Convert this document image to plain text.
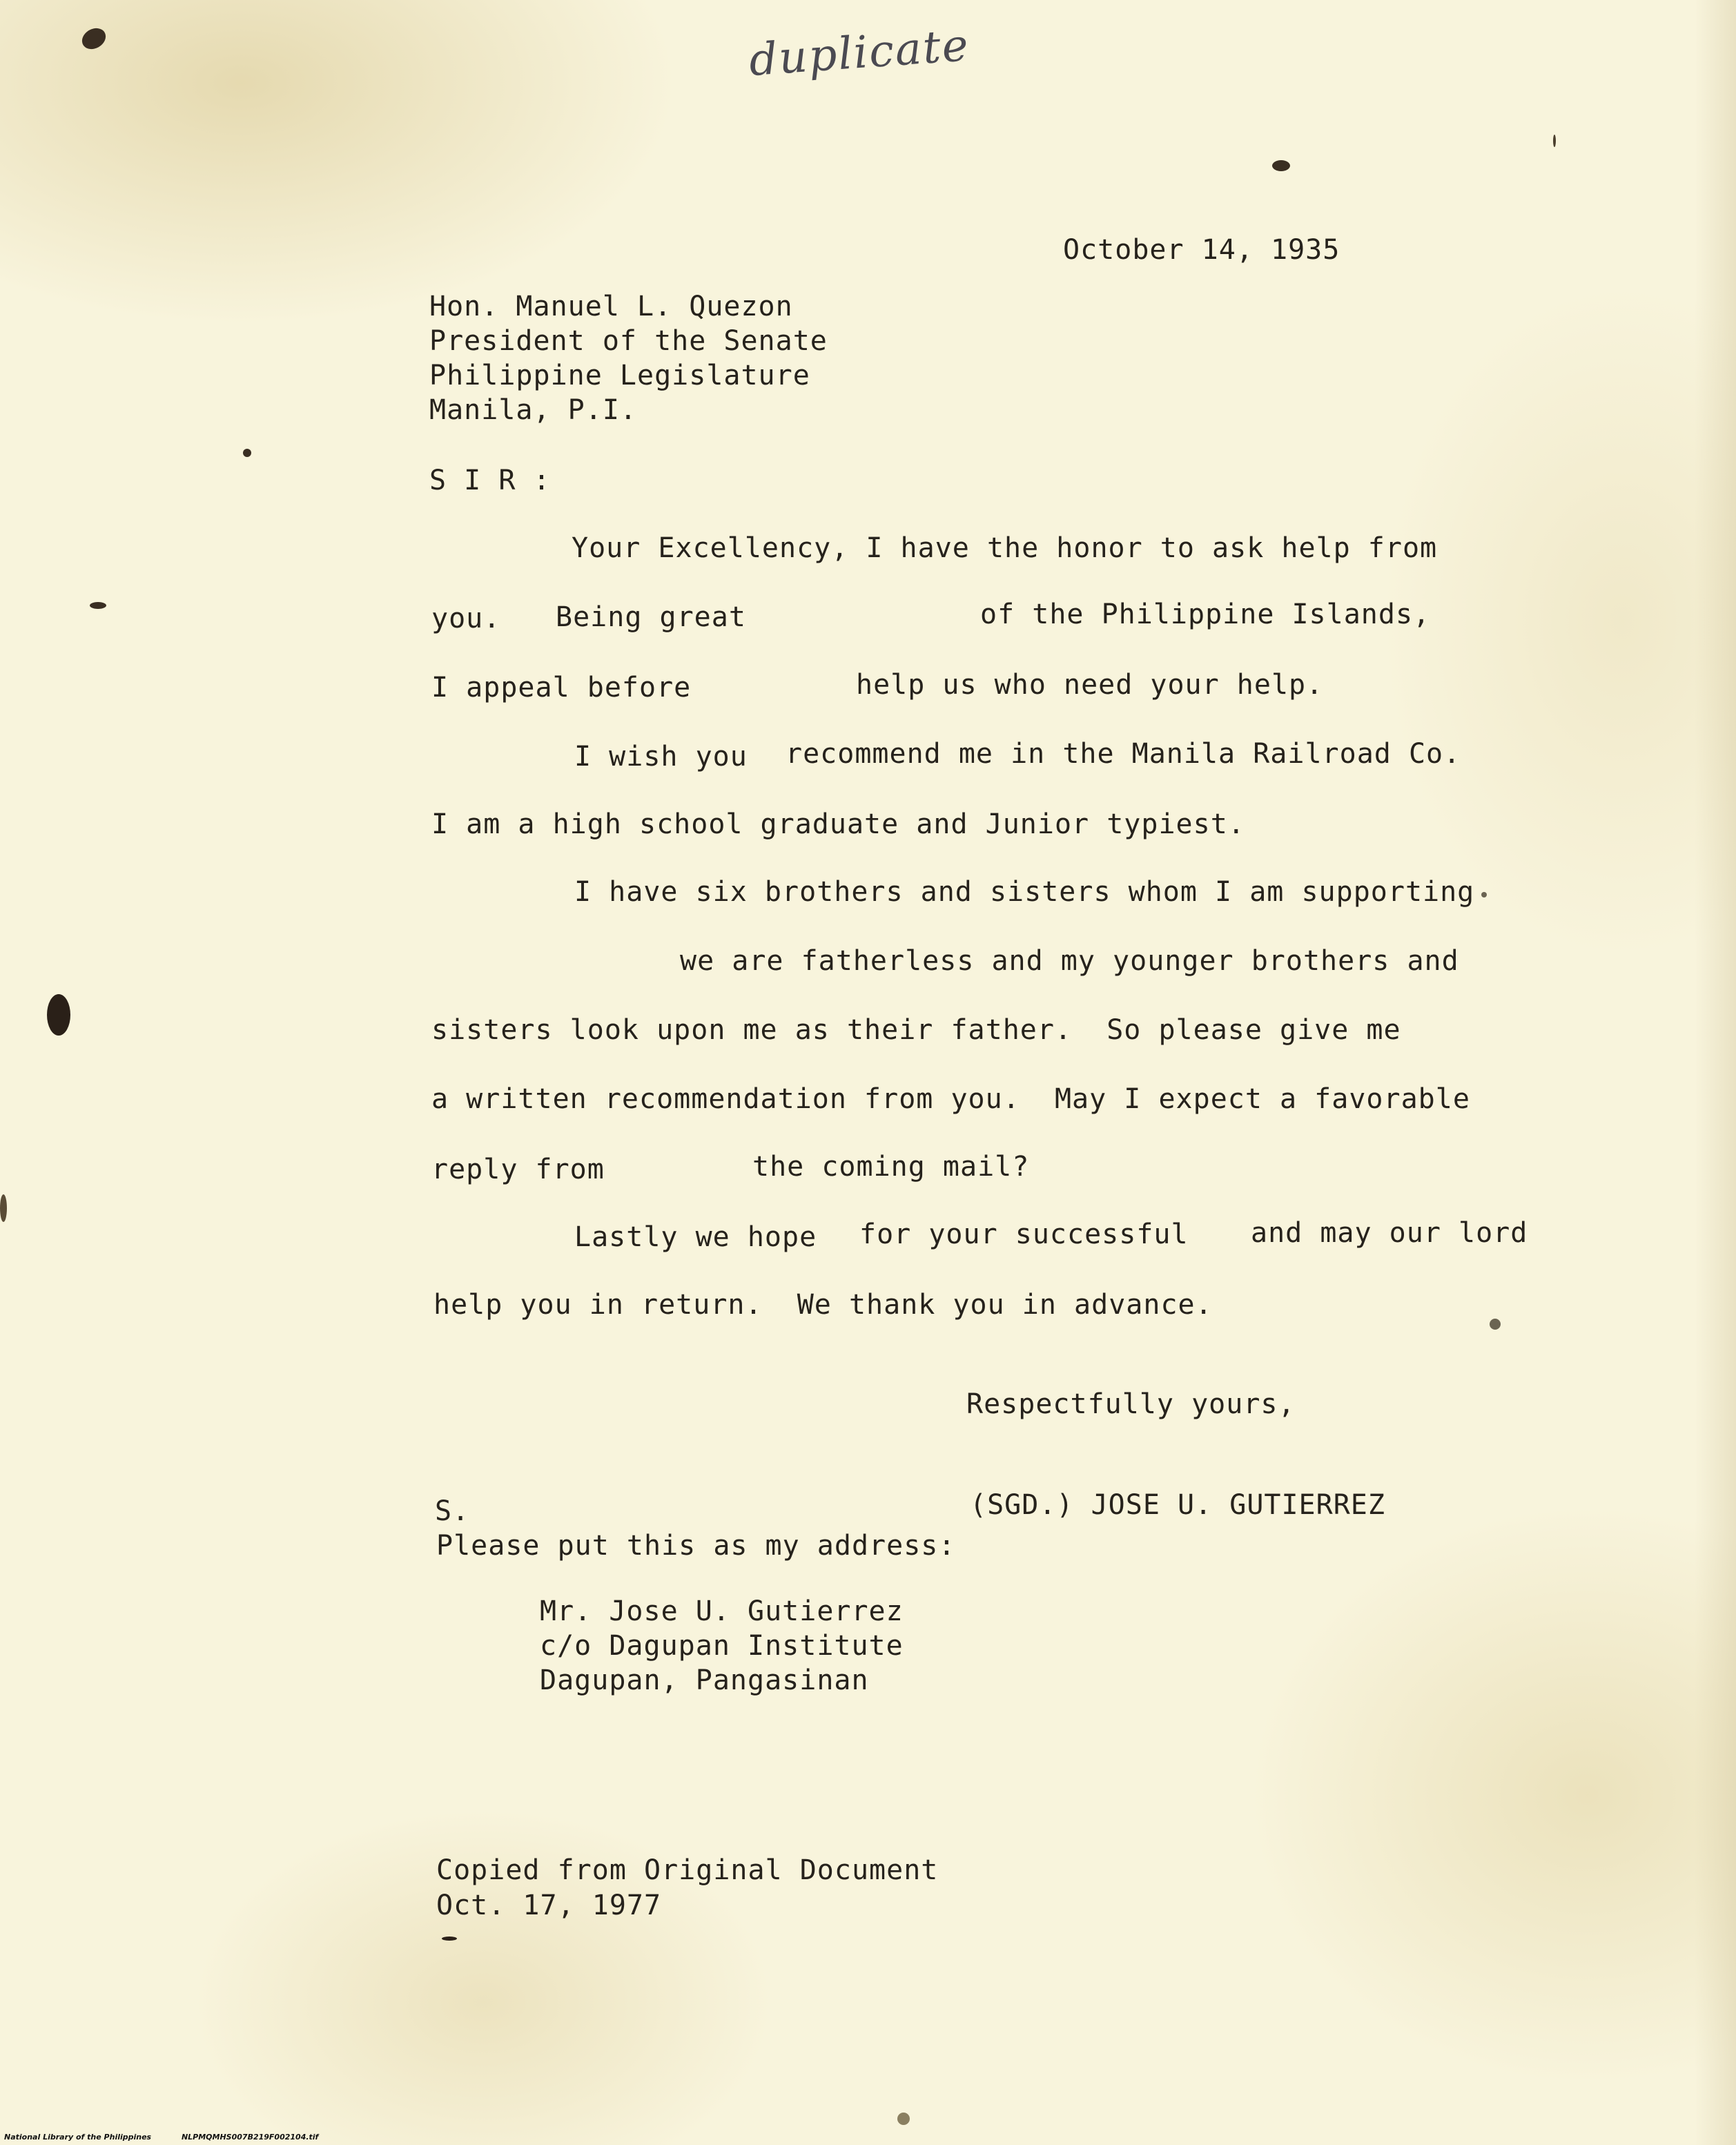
duplicate
October 14, 1935
Hon. Manuel L. Quezon
President of the Senate
Philippine Legislature
Manila, P.I.
S I R :
Your Excellency, I have the honor to ask help from
you. Being great	of the Philippine Islands,
I appeal before	help us who need your help.
I wish you recommend me in the Manila Railroad Co.
I am a high school graduate and Junior typiest.
I have six brothers and sisters whom I am supporting
we are fatherless and my younger brothers and
sisters look upon me as their father.  So please give me
a written recommendation from you.  May I expect a favorable
reply from	the coming mail?
Lastly we hope for your successful and may our lord
help you in return.  We thank you in advance.
Respectfully yours,
S.	(SGD.) JOSE U. GUTIERREZ
Please put this as my address:
Mr. Jose U. Gutierrez
c/o Dagupan Institute
Dagupan, Pangasinan
Copied from Original Document
Oct. 17, 1977
National Library of the Philippines	NLPMQMHS007B219F002104.tif
